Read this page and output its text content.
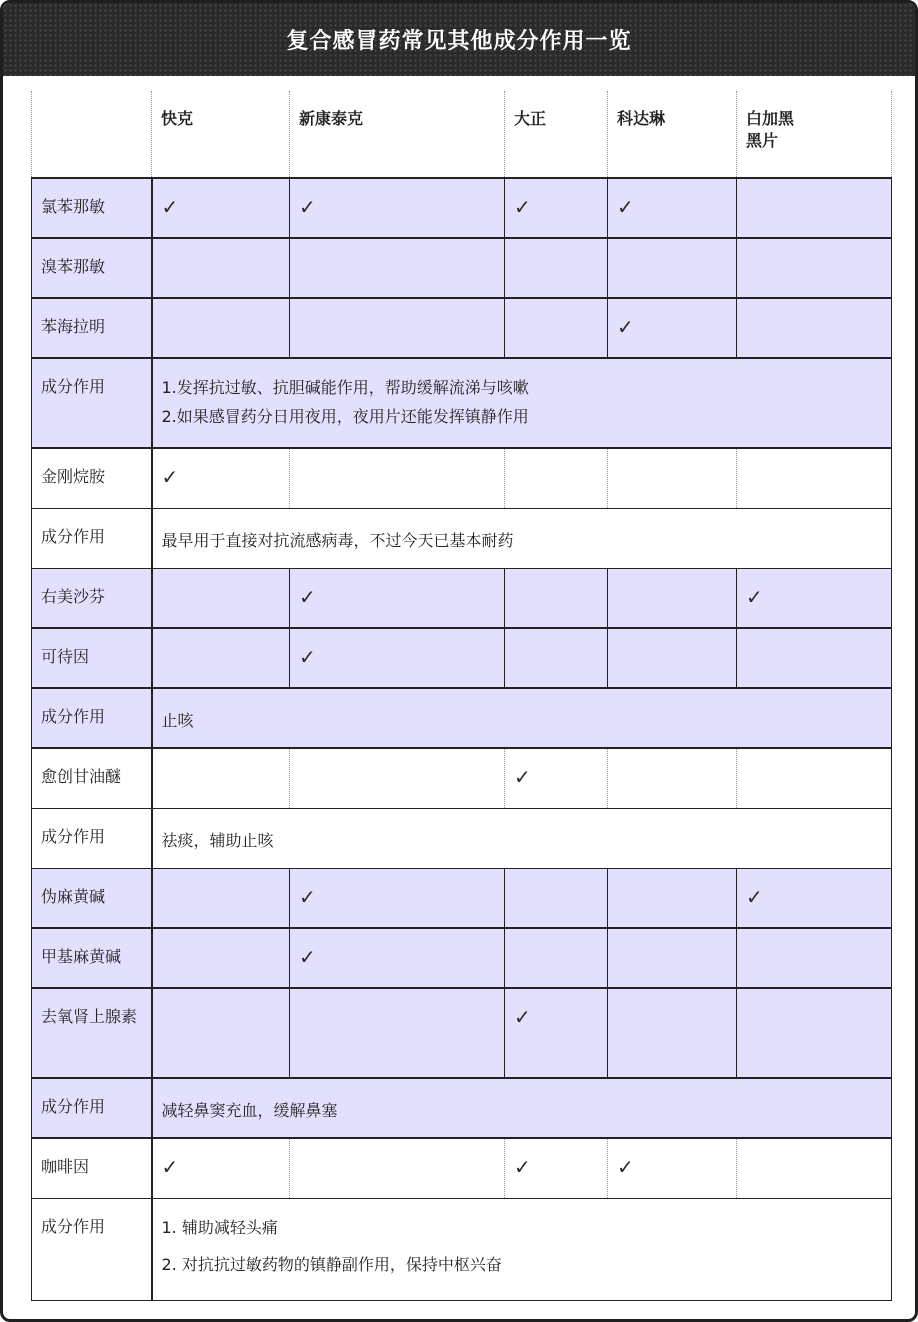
复合感冒药常见其他成分作用一览

	快克	新康泰克	大正	科达琳	白加黑
黑片

氯苯那敏	✓	✓	✓	✓	
溴苯那敏					
苯海拉明				✓	
成分作用	1.发挥抗过敏、抗胆碱能作用，帮助缓解流涕与咳嗽
2.如果感冒药分日用夜用，夜用片还能发挥镇静作用				

金刚烷胺	✓				
成分作用	最早用于直接对抗流感病毒，不过今天已基本耐药				

右美沙芬		✓			✓
可待因		✓			
成分作用	止咳				

愈创甘油醚			✓		
成分作用	祛痰，辅助止咳				

伪麻黄碱		✓			✓
甲基麻黄碱		✓			
去氧肾上腺素			✓		
成分作用	减轻鼻窦充血，缓解鼻塞				

咖啡因	✓		✓	✓	
成分作用	1. 辅助减轻头痛
2. 对抗抗过敏药物的镇静副作用，保持中枢兴奋				
